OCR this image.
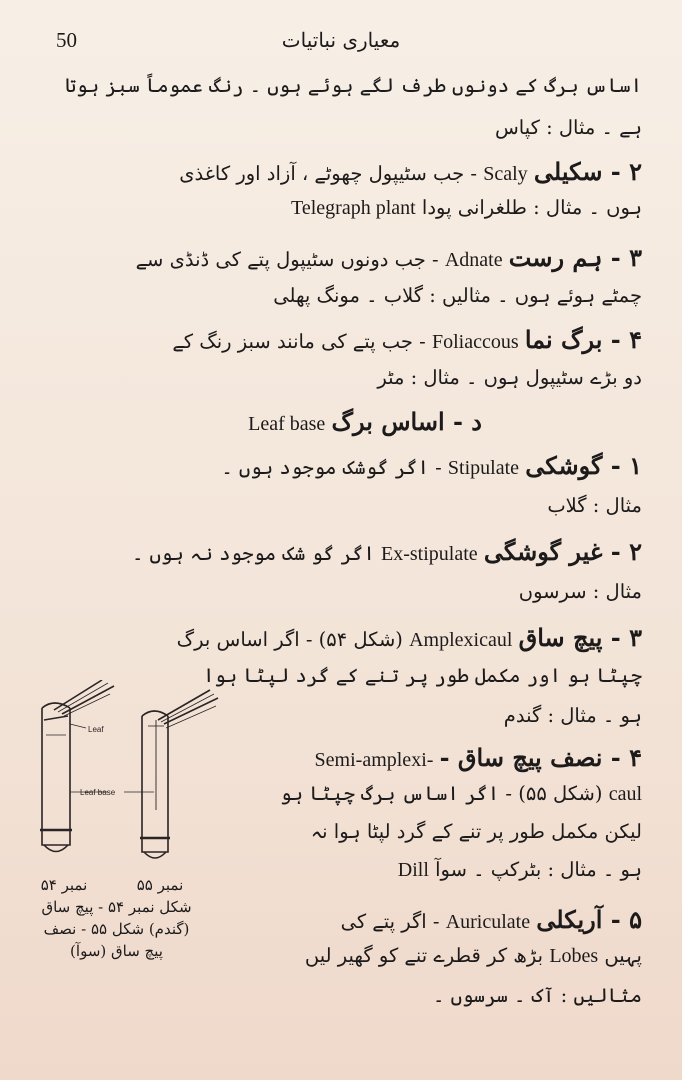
50	معیاری نباتیات
اساس برگ کے دونوں طرف لگے ہوئے ہوں ۔ رنگ عموماً سبز ہوتا
ہے ۔ مثال : کپاس
۲ - سکیلی Scaly - جب سٹیپول چھوٹے ، آزاد اور کاغذی
ہوں ۔ مثال : طلغرانی پودا Telegraph plant
۳ - ہم رست Adnate - جب دونوں سٹیپول پتے کی ڈنڈی سے
چمٹے ہوئے ہوں ۔ مثالیں : گلاب ۔ مونگ پھلی
۴ - برگ نما Foliaccous - جب پتے کی مانند سبز رنگ کے
دو بڑے سٹیپول ہوں ۔ مثال : مٹر
د - اساس برگ Leaf base
۱ - گوشکی Stipulate - اگر گوشک موجود ہوں ۔
مثال : گلاب
۲ - غیر گوشگی Ex-stipulate اگر گو شک موجود نہ ہوں ۔
مثال : سرسوں
۳ - پیچ ساق Amplexicaul (شکل ۵۴) - اگر اساس برگ
چپٹا ہو اور مکمل طور پر تنے کے گرد لپٹا ہوا
ہو ۔ مثال : گندم
۴ - نصف پیچ ساق - Semi-amplexi-
caul (شکل ۵۵) - اگر اساس برگ چپٹا ہو
لیکن مکمل طور پر تنے کے گرد لپٹا ہوا نہ
ہو ۔ مثال : بٹرکپ ۔ سوآ Dill
۵ - آریکلی Auriculate - اگر پتے کی
پہیں Lobes بڑھ کر قطرے تنے کو گھیر لیں
مثالیں : آک ۔ سرسوں ۔
Leaf
Leaf base
نمبر ۵۴	نمبر ۵۵
شکل نمبر ۵۴ - پیچ ساق
(گندم) شکل ۵۵ - نصف
پیچ ساق (سوآ)
